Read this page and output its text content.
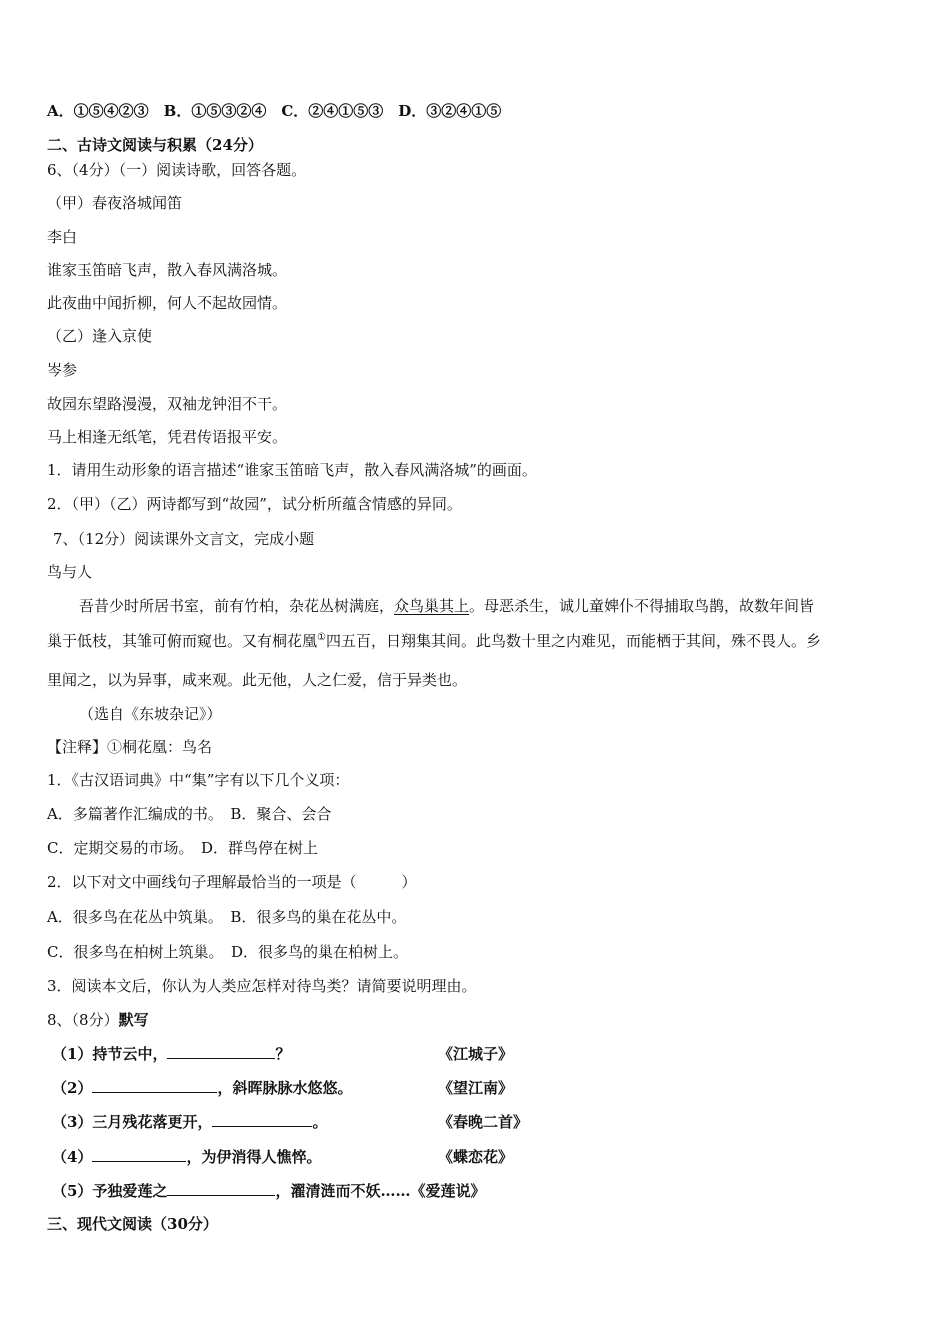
A．①⑤④②③　B．①⑤③②④　C．②④①⑤③　D．③②④①⑤
二、古诗文阅读与积累（24分）
6、（4分）（一）阅读诗歌，回答各题。
（甲）春夜洛城闻笛
李白
谁家玉笛暗飞声，散入春风满洛城。
此夜曲中闻折柳，何人不起故园情。
（乙）逢入京使
岑参
故园东望路漫漫，双袖龙钟泪不干。
马上相逢无纸笔，凭君传语报平安。
1．请用生动形象的语言描述“谁家玉笛暗飞声，散入春风满洛城”的画面。
2．（甲）（乙）两诗都写到“故园”，试分析所蕴含情感的异同。
7、（12分）阅读课外文言文，完成小题
鸟与人
吾昔少时所居书室，前有竹柏，杂花丛树满庭，众鸟巢其上。母恶杀生，诚儿童婢仆不得捕取鸟鹊，故数年间皆
巢于低枝，其雏可俯而窥也。又有桐花凰①四五百，日翔集其间。此鸟数十里之内难见，而能栖于其间，殊不畏人。乡
里闻之，以为异事，咸来观。此无他，人之仁爱，信于异类也。
（选自《东坡杂记》）
【注释】①桐花凰：鸟名
1．《古汉语词典》中“集”字有以下几个义项：
A．多篇著作汇编成的书。　B．聚合、会合
C．定期交易的市场。　D．群鸟停在树上
2．以下对文中画线句子理解最恰当的一项是（　　　）
A．很多鸟在花丛中筑巢。　B．很多鸟的巢在花丛中。
C．很多鸟在柏树上筑巢。　D．很多鸟的巢在柏树上。
3．阅读本文后，你认为人类应怎样对待鸟类？请简要说明理由。
8、（8分）默写
（1）持节云中，	？	《江城子》
（2）	，斜晖脉脉水悠悠。	《望江南》
（3）三月残花落更开，	。	《春晚二首》
（4）	，为伊消得人憔悴。	《蝶恋花》
（5）予独爱莲之	，濯清涟而不妖……《爱莲说》
三、现代文阅读（30分）
